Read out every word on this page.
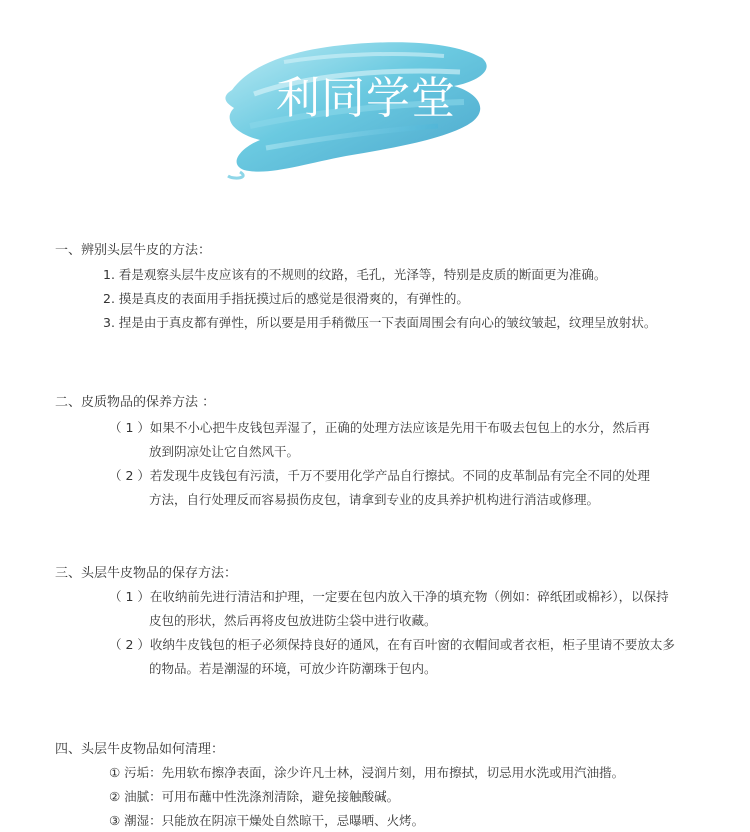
利同学堂
一、辨别头层牛皮的方法：
1. 看是观察头层牛皮应该有的不规则的纹路，毛孔，光泽等，特别是皮质的断面更为准确。
2. 摸是真皮的表面用手指抚摸过后的感觉是很滑爽的，有弹性的。
3. 捏是由于真皮都有弹性，所以要是用手稍微压一下表面周围会有向心的皱纹皱起，纹理呈放射状。
二、皮质物品的保养方法 ：
（ 1 ）如果不小心把牛皮钱包弄湿了，正确的处理方法应该是先用干布吸去包包上的水分，然后再
放到阴凉处让它自然风干。
（ 2 ）若发现牛皮钱包有污渍，千万不要用化学产品自行擦拭。不同的皮革制品有完全不同的处理
方法，自行处理反而容易损伤皮包，请拿到专业的皮具养护机构进行消洁或修理。
三、头层牛皮物品的保存方法：
（ 1 ）在收纳前先进行清洁和护理，一定要在包内放入干净的填充物（例如：碎纸团或棉衫），以保持
皮包的形状，然后再将皮包放进防尘袋中进行收藏。
（ 2 ）收纳牛皮钱包的柜子必须保持良好的通风，在有百叶窗的衣帽间或者衣柜，柜子里请不要放太多
的物品。若是潮湿的环境，可放少许防潮珠于包内。
四、头层牛皮物品如何清理：
① 污垢：先用软布擦净表面，涂少许凡士林，浸润片刻，用布擦拭，切忌用水洗或用汽油揩。
② 油腻：可用布蘸中性洗涤剂清除，避免接触酸碱。
③ 潮湿：只能放在阴凉干燥处自然晾干，忌曝晒、火烤。
